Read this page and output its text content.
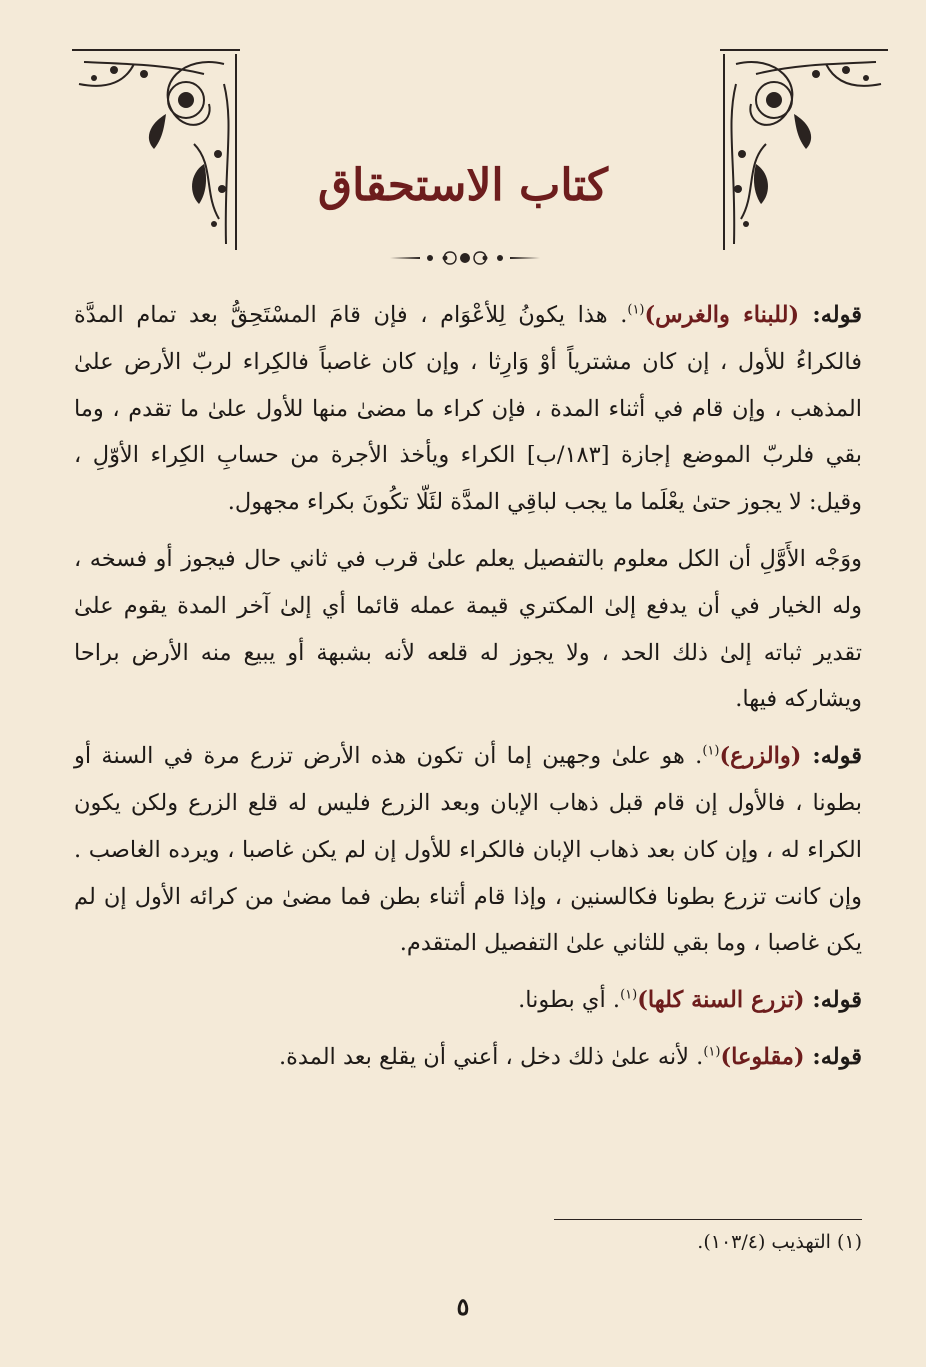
كتاب الاستحقاق

قوله: (للبناء والغرس)$^{(١)}$. هذا يكونُ لِلأعْوَام ، فإن قامَ المسْتَحِقُّ بعد تمام المدَّة فالكراءُ للأول ، إن كان مشترياً أوْ وَارِثا ، وإن كان غاصباً فالكِراء لربّ الأرض علىٰ المذهب ، وإن قام في أثناء المدة ، فإن كراء ما مضىٰ منها للأول علىٰ ما تقدم ، وما بقي فلربّ الموضع إجازة [١٨٣/ب] الكراء ويأخذ الأجرة من حسابِ الكِراء الأوّلِ ، وقيل: لا يجوز حتىٰ يعْلَما ما يجب لباقِي المدَّة لئَلّا تكُونَ بكراء مجهول.

ووَجْه الأَوَّلِ أن الكل معلوم بالتفصيل يعلم علىٰ قرب في ثاني حال فيجوز أو فسخه ، وله الخيار في أن يدفع إلىٰ المكتري قيمة عمله قائما أي إلىٰ آخر المدة يقوم علىٰ تقدير ثباته إلىٰ ذلك الحد ، ولا يجوز له قلعه لأنه بشبهة أو يبيع منه الأرض براحا ويشاركه فيها.

قوله: (والزرع)$^{(١)}$. هو علىٰ وجهين إما أن تكون هذه الأرض تزرع مرة في السنة أو بطونا ، فالأول إن قام قبل ذهاب الإبان وبعد الزرع فليس له قلع الزرع ولكن يكون الكراء له ، وإن كان بعد ذهاب الإبان فالكراء للأول إن لم يكن غاصبا ، ويرده الغاصب . وإن كانت تزرع بطونا فكالسنين ، وإذا قام أثناء بطن فما مضىٰ من كرائه الأول إن لم يكن غاصبا ، وما بقي للثاني علىٰ التفصيل المتقدم.

قوله: (تزرع السنة كلها)$^{(١)}$. أي بطونا.

قوله: (مقلوعا)$^{(١)}$. لأنه علىٰ ذلك دخل ، أعني أن يقلع بعد المدة.

(١) التهذيب (١٠٣/٤).
٥
